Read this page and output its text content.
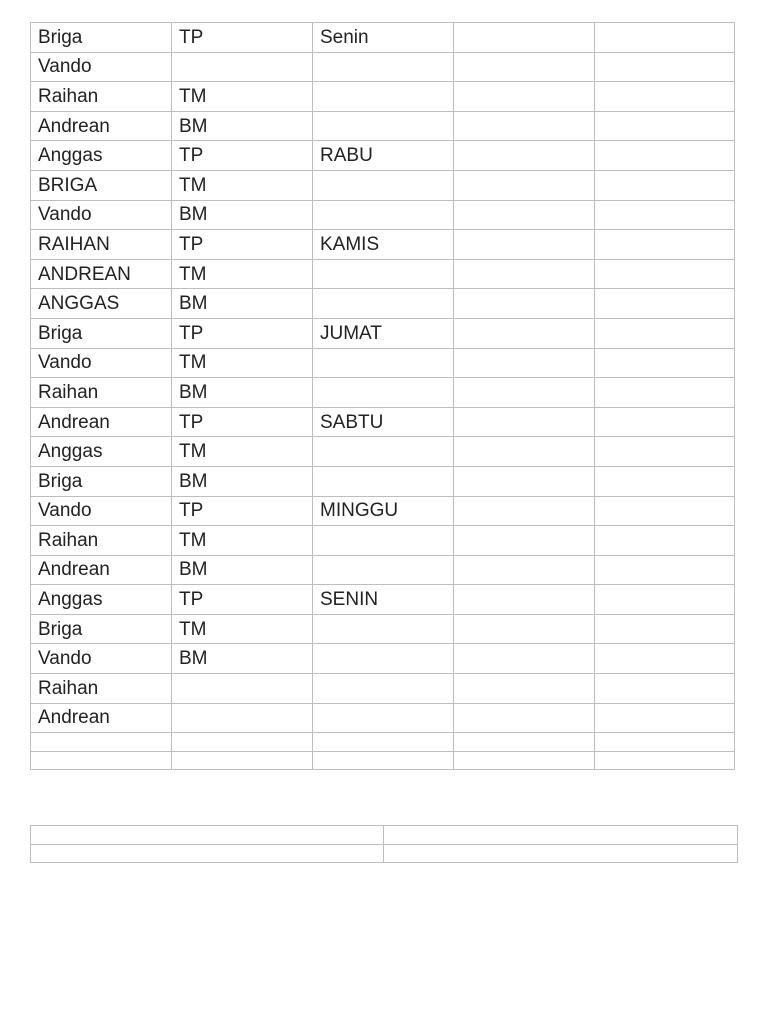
Briga	TP	Senin		
Vando				
Raihan	TM			
Andrean	BM			
Anggas	TP	RABU		
BRIGA	TM			
Vando	BM			
RAIHAN	TP	KAMIS		
ANDREAN	TM			
ANGGAS	BM			
Briga	TP	JUMAT		
Vando	TM			
Raihan	BM			
Andrean	TP	SABTU		
Anggas	TM			
Briga	BM			
Vando	TP	MINGGU		
Raihan	TM			
Andrean	BM			
Anggas	TP	SENIN		
Briga	TM			
Vando	BM			
Raihan				
Andrean				
